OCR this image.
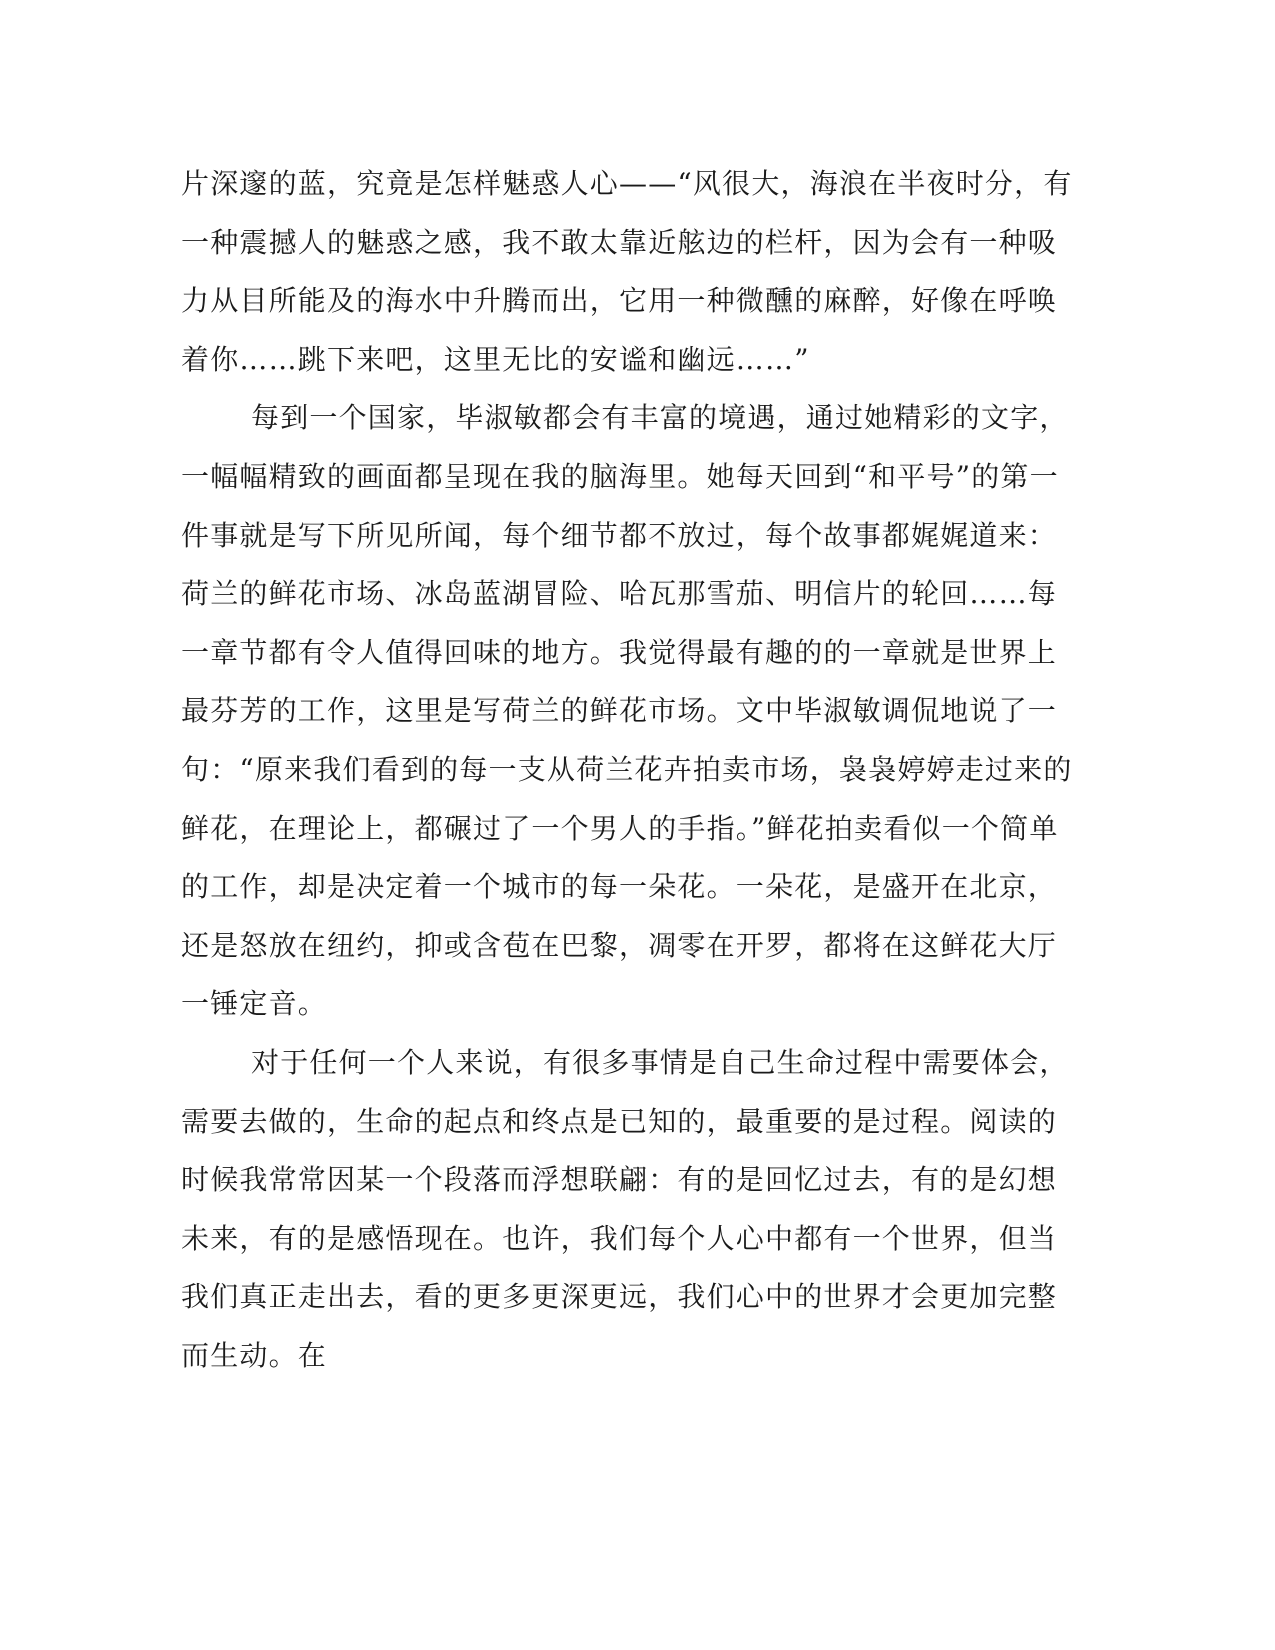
片深邃的蓝，究竟是怎样魅惑人心——“风很大，海浪在半夜时分，有
一种震撼人的魅惑之感，我不敢太靠近舷边的栏杆，因为会有一种吸
力从目所能及的海水中升腾而出，它用一种微醺的麻醉，好像在呼唤
着你……跳下来吧，这里无比的安谧和幽远……”
每到一个国家，毕淑敏都会有丰富的境遇，通过她精彩的文字，
一幅幅精致的画面都呈现在我的脑海里。她每天回到“和平号”的第一
件事就是写下所见所闻，每个细节都不放过，每个故事都娓娓道来：
荷兰的鲜花市场、冰岛蓝湖冒险、哈瓦那雪茄、明信片的轮回……每
一章节都有令人值得回味的地方。我觉得最有趣的的一章就是世界上
最芬芳的工作，这里是写荷兰的鲜花市场。文中毕淑敏调侃地说了一
句：“原来我们看到的每一支从荷兰花卉拍卖市场，袅袅婷婷走过来的
鲜花，在理论上，都碾过了一个男人的手指。”鲜花拍卖看似一个简单
的工作，却是决定着一个城市的每一朵花。一朵花，是盛开在北京，
还是怒放在纽约，抑或含苞在巴黎，凋零在开罗，都将在这鲜花大厅
一锤定音。
对于任何一个人来说，有很多事情是自己生命过程中需要体会，
需要去做的，生命的起点和终点是已知的，最重要的是过程。阅读的
时候我常常因某一个段落而浮想联翩：有的是回忆过去，有的是幻想
未来，有的是感悟现在。也许，我们每个人心中都有一个世界，但当
我们真正走出去，看的更多更深更远，我们心中的世界才会更加完整
而生动。在
